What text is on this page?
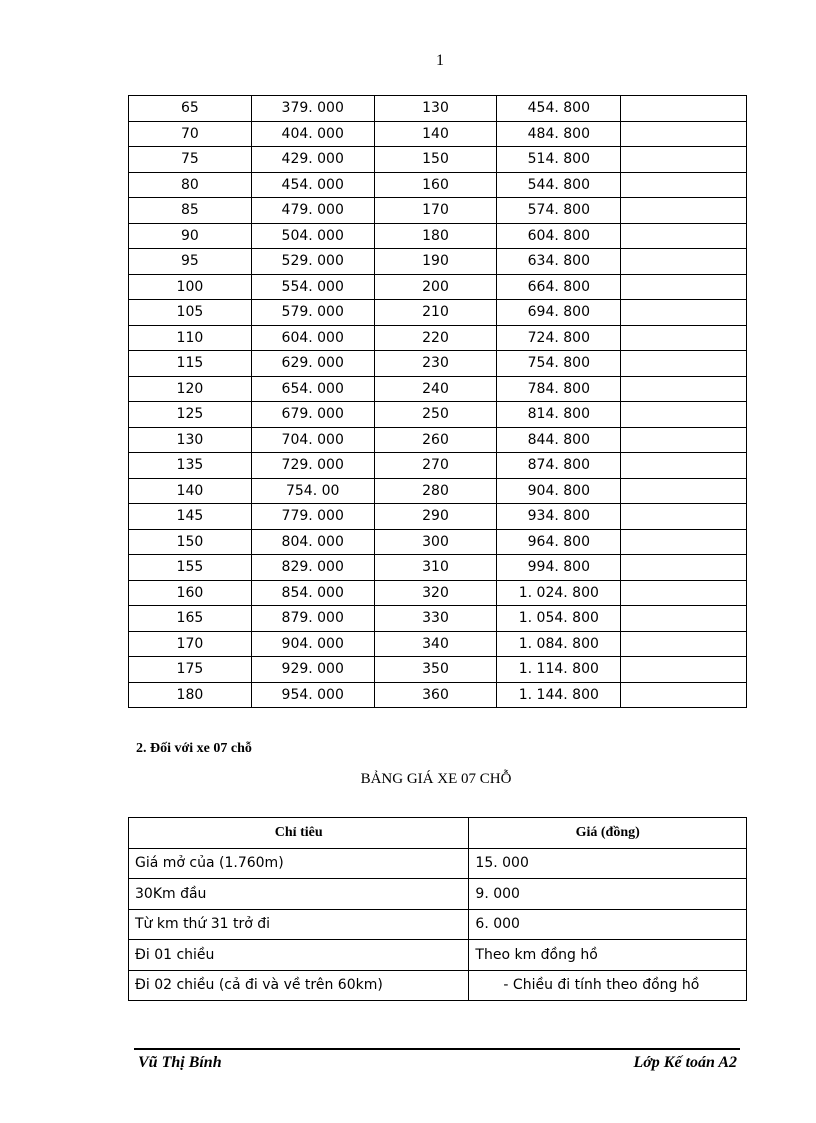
1
65	379. 000	130	454. 800	
70	404. 000	140	484. 800	
75	429. 000	150	514. 800	
80	454. 000	160	544. 800	
85	479. 000	170	574. 800	
90	504. 000	180	604. 800	
95	529. 000	190	634. 800	
100	554. 000	200	664. 800	
105	579. 000	210	694. 800	
110	604. 000	220	724. 800	
115	629. 000	230	754. 800	
120	654. 000	240	784. 800	
125	679. 000	250	814. 800	
130	704. 000	260	844. 800	
135	729. 000	270	874. 800	
140	754. 00	280	904. 800	
145	779. 000	290	934. 800	
150	804. 000	300	964. 800	
155	829. 000	310	994. 800	
160	854. 000	320	1. 024. 800	
165	879. 000	330	1. 054. 800	
170	904. 000	340	1. 084. 800	
175	929. 000	350	1. 114. 800	
180	954. 000	360	1. 144. 800	
2. Đối với xe 07 chỗ
BẢNG GIÁ XE 07 CHỖ
Chỉ tiêu	Giá (đồng)
Giá mở của (1.760m)	15. 000
30Km đầu	9. 000
Từ km thứ 31 trở đi	6. 000
Đi 01 chiều	Theo km đồng hồ
Đi 02 chiều (cả đi và về trên 60km)	- Chiều đi tính theo đồng hồ
Vũ Thị Bính	Lớp Kế toán A2
